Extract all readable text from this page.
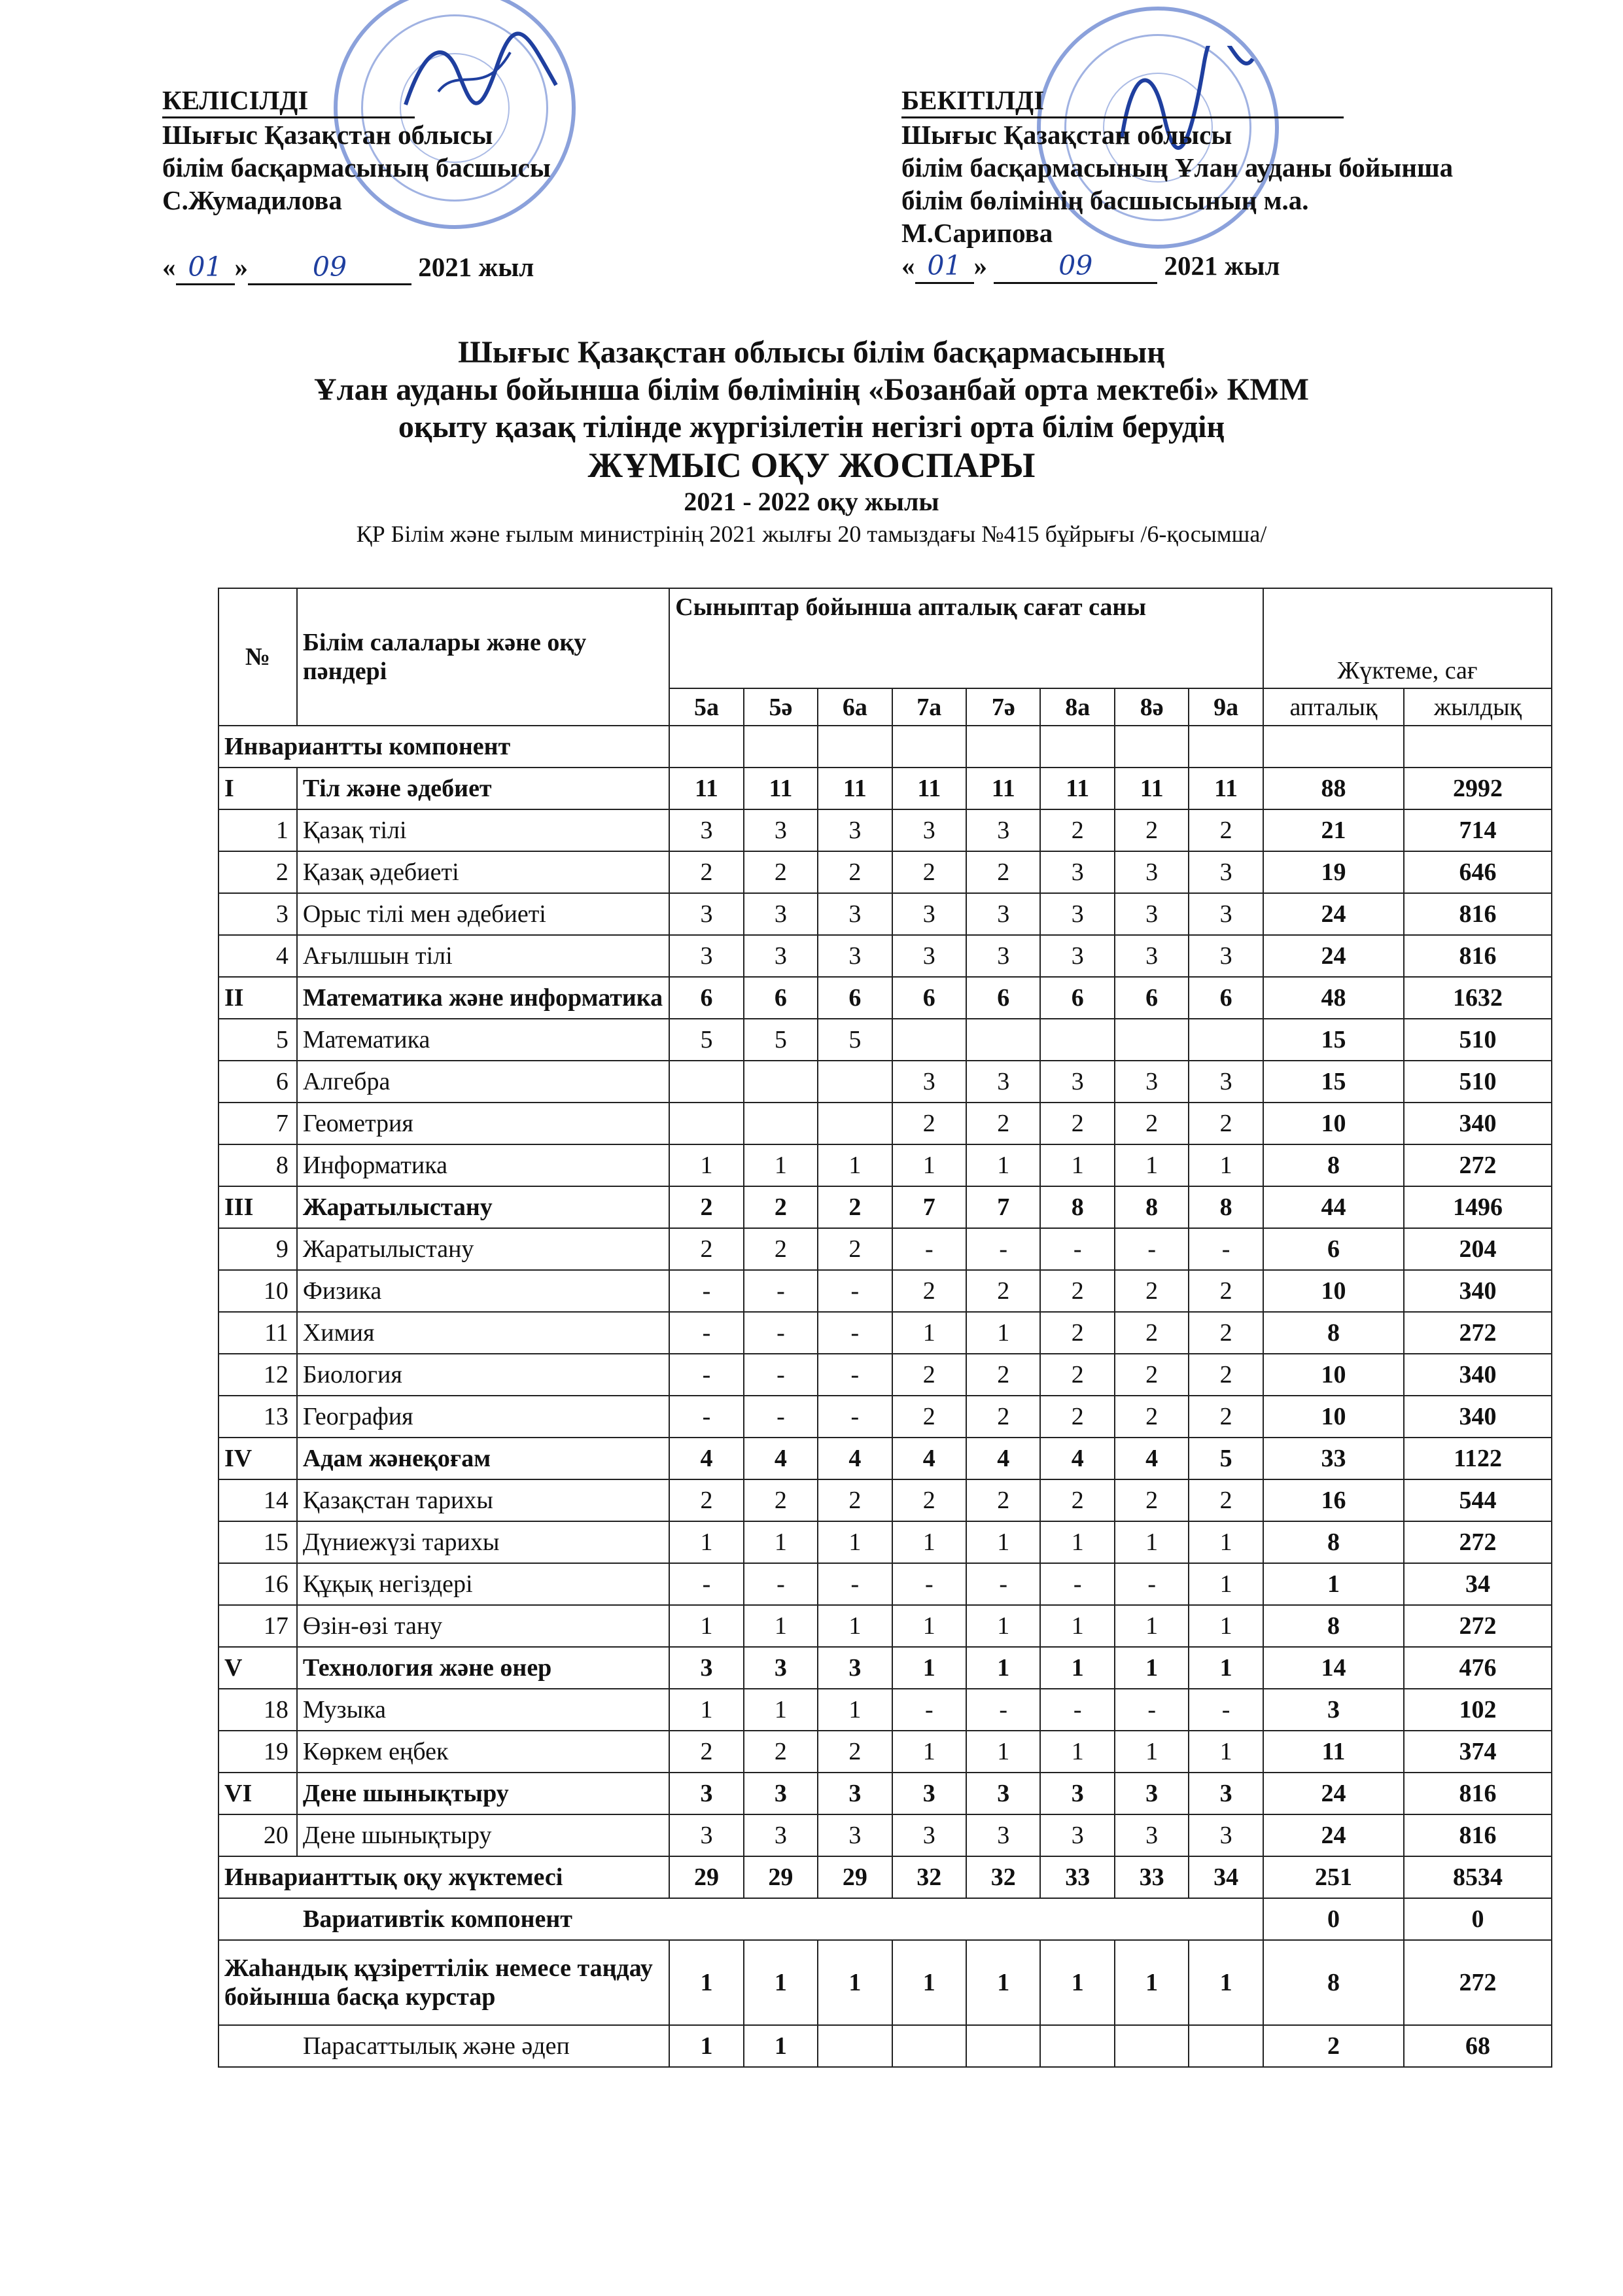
КЕЛІСІЛДІ
Шығыс Қазақстан облысы
білім басқармасының басшысы
С.Жумадилова
« 01 » 09	2021 жыл
БЕКІТІЛДІ
Шығыс Қазақстан облысы
білім басқармасының Ұлан ауданы бойынша
білім бөлімінің басшысының м.а.
М.Сарипова
« 01 »	09	2021 жыл
Шығыс Қазақстан облысы білім басқармасының
Ұлан ауданы бойынша білім бөлімінің «Бозанбай орта мектебі» КММ
оқыту қазақ тілінде жүргізілетін негізгі орта білім берудің
ЖҰМЫС ОҚУ ЖОСПАРЫ
2021 - 2022 оқу жылы
ҚР Білім және ғылым министрінің 2021 жылғы 20 тамыздағы №415 бұйрығы /6-қосымша/
№	Білім салалары және оқу пәндері	Сыныптар бойынша апталық сағат саны								Жүктеме, сағ	
		5а	5ә	6а	7а	7ә	8а	8ә	9а	апталық	жылдық
Инвариантты компонент											
I	Тіл және әдебиет	11	11	11	11	11	11	11	11	88	2992
1	Қазақ тілі	3	3	3	3	3	2	2	2	21	714
2	Қазақ әдебиеті	2	2	2	2	2	3	3	3	19	646
3	Орыс тілі мен әдебиеті	3	3	3	3	3	3	3	3	24	816
4	Ағылшын тілі	3	3	3	3	3	3	3	3	24	816
II	Математика және информатика	6	6	6	6	6	6	6	6	48	1632
5	Математика	5	5	5						15	510
6	Алгебра				3	3	3	3	3	15	510
7	Геометрия				2	2	2	2	2	10	340
8	Информатика	1	1	1	1	1	1	1	1	8	272
III	Жаратылыстану	2	2	2	7	7	8	8	8	44	1496
9	Жаратылыстану	2	2	2	-	-	-	-	-	6	204
10	Физика	-	-	-	2	2	2	2	2	10	340
11	Химия	-	-	-	1	1	2	2	2	8	272
12	Биология	-	-	-	2	2	2	2	2	10	340
13	География	-	-	-	2	2	2	2	2	10	340
IV	Адам жәнеқоғам	4	4	4	4	4	4	4	5	33	1122
14	Қазақстан тарихы	2	2	2	2	2	2	2	2	16	544
15	Дүниежүзі тарихы	1	1	1	1	1	1	1	1	8	272
16	Құқық негіздері	-	-	-	-	-	-	-	1	1	34
17	Өзін-өзі тану	1	1	1	1	1	1	1	1	8	272
V	Технология және өнер	3	3	3	1	1	1	1	1	14	476
18	Музыка	1	1	1	-	-	-	-	-	3	102
19	Көркем еңбек	2	2	2	1	1	1	1	1	11	374
VI	Дене шынықтыру	3	3	3	3	3	3	3	3	24	816
20	Дене шынықтыру	3	3	3	3	3	3	3	3	24	816
Инварианттық оқу жүктемесі		29	29	29	32	32	33	33	34	251	8534
Вариативтік компонент										0	0
Жаһандық құзіреттілік немесе таңдау бойынша басқа курстар		1	1	1	1	1	1	1	1	8	272
Парасаттылық және әдеп		1	1							2	68
